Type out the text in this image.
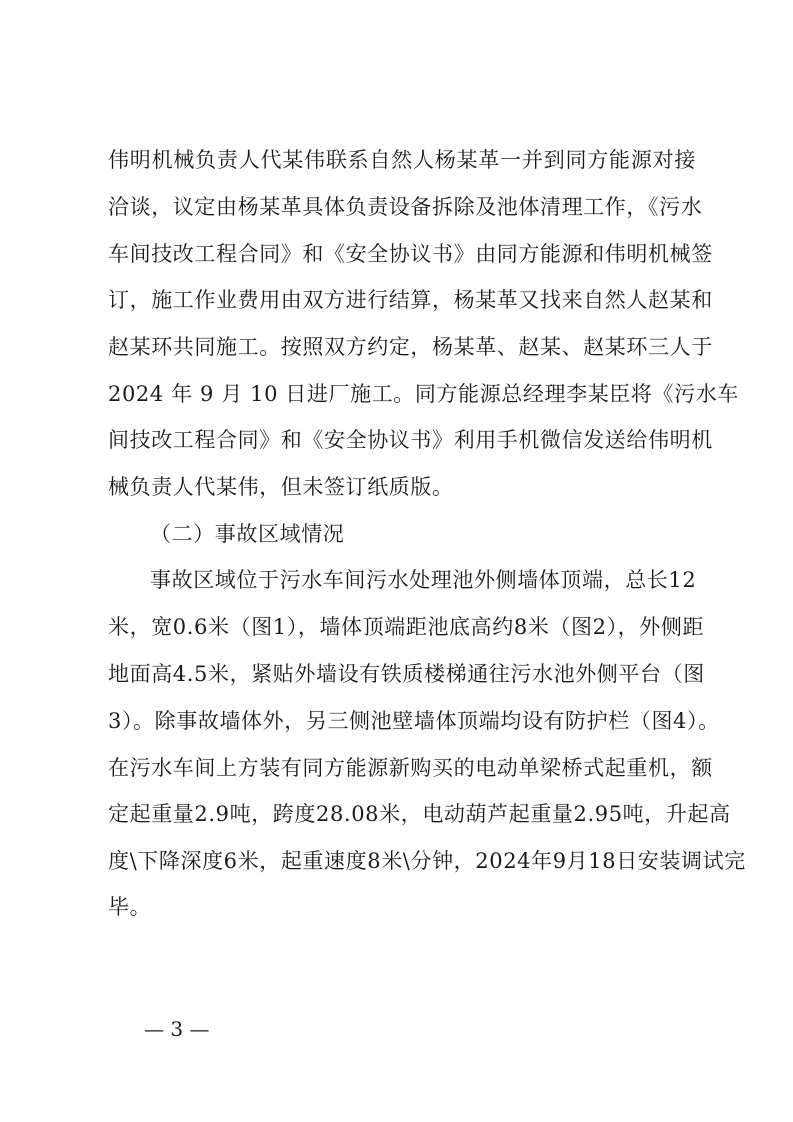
伟明机械负责人代某伟联系自然人杨某革一并到同方能源对接
洽谈，议定由杨某革具体负责设备拆除及池体清理工作，《污水
车间技改工程合同》和《安全协议书》由同方能源和伟明机械签
订，施工作业费用由双方进行结算，杨某革又找来自然人赵某和
赵某环共同施工。按照双方约定，杨某革、赵某、赵某环三人于
2024 年 9 月 10 日进厂施工。同方能源总经理李某臣将《污水车
间技改工程合同》和《安全协议书》利用手机微信发送给伟明机
械负责人代某伟，但未签订纸质版。
（二）事故区域情况
事故区域位于污水车间污水处理池外侧墙体顶端，总长12
米，宽0.6米（图1），墙体顶端距池底高约8米（图2），外侧距
地面高4.5米，紧贴外墙设有铁质楼梯通往污水池外侧平台（图
3）。除事故墙体外，另三侧池壁墙体顶端均设有防护栏（图4）。
在污水车间上方装有同方能源新购买的电动单梁桥式起重机，额
定起重量2.9吨，跨度28.08米，电动葫芦起重量2.95吨，升起高
度\下降深度6米，起重速度8米\分钟，2024年9月18日安装调试完
毕。
— 3 —
